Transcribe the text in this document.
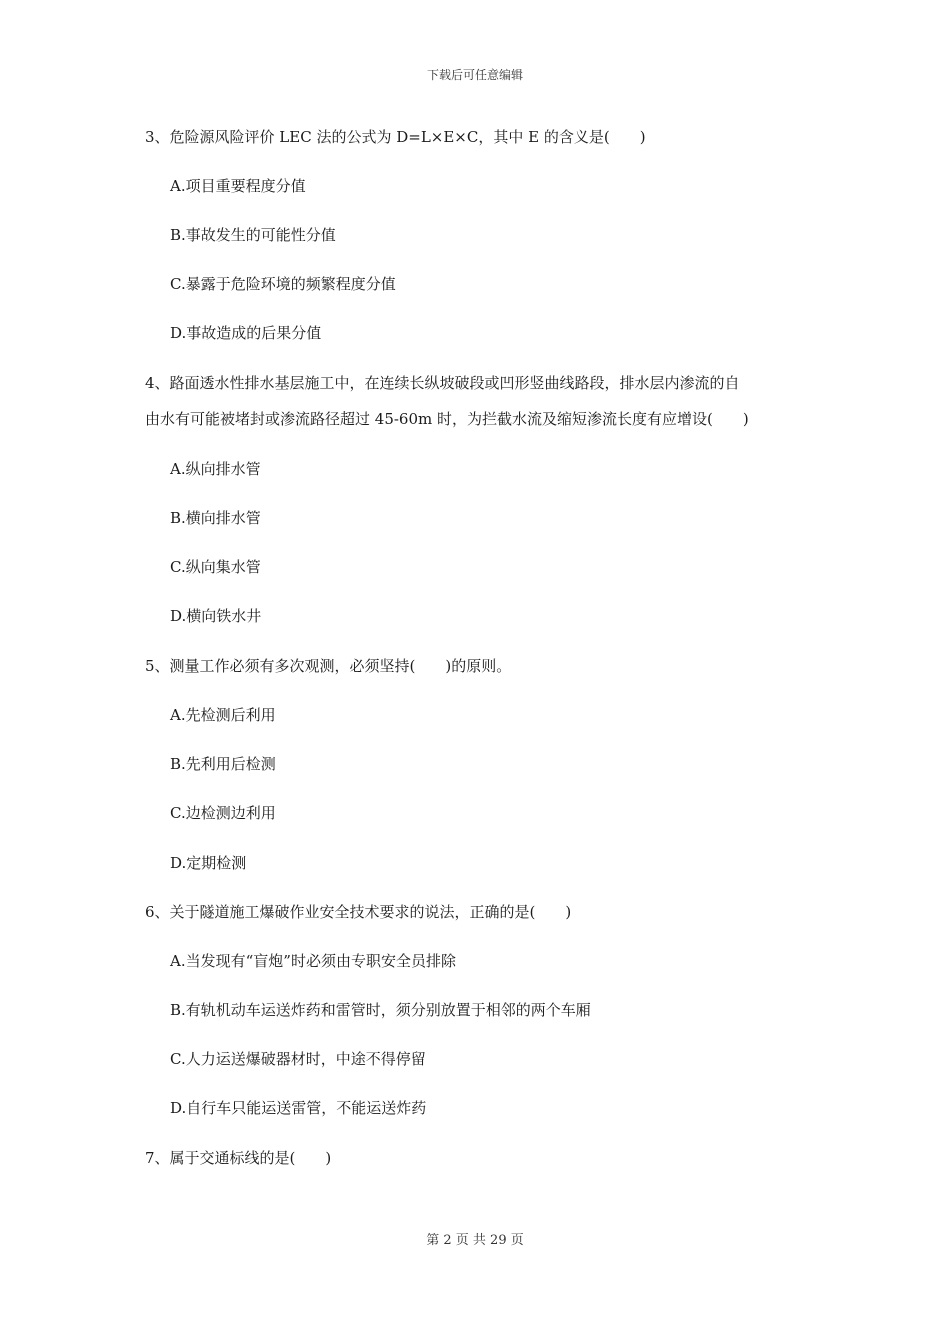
下载后可任意编辑
3、危险源风险评价 LEC 法的公式为 D=L×E×C，其中 E 的含义是(　　)
A.项目重要程度分值
B.事故发生的可能性分值
C.暴露于危险环境的频繁程度分值
D.事故造成的后果分值
4、路面透水性排水基层施工中，在连续长纵坡破段或凹形竖曲线路段，排水层内渗流的自
由水有可能被堵封或渗流路径超过 45-60m 时，为拦截水流及缩短渗流长度有应增设(　　)
A.纵向排水管
B.横向排水管
C.纵向集水管
D.横向铁水井
5、测量工作必须有多次观测，必须坚持(　　)的原则。
A.先检测后利用
B.先利用后检测
C.边检测边利用
D.定期检测
6、关于隧道施工爆破作业安全技术要求的说法，正确的是(　　)
A.当发现有“盲炮”时必须由专职安全员排除
B.有轨机动车运送炸药和雷管时，须分别放置于相邻的两个车厢
C.人力运送爆破器材时，中途不得停留
D.自行车只能运送雷管，不能运送炸药
7、属于交通标线的是(　　)
第 2 页 共 29 页
